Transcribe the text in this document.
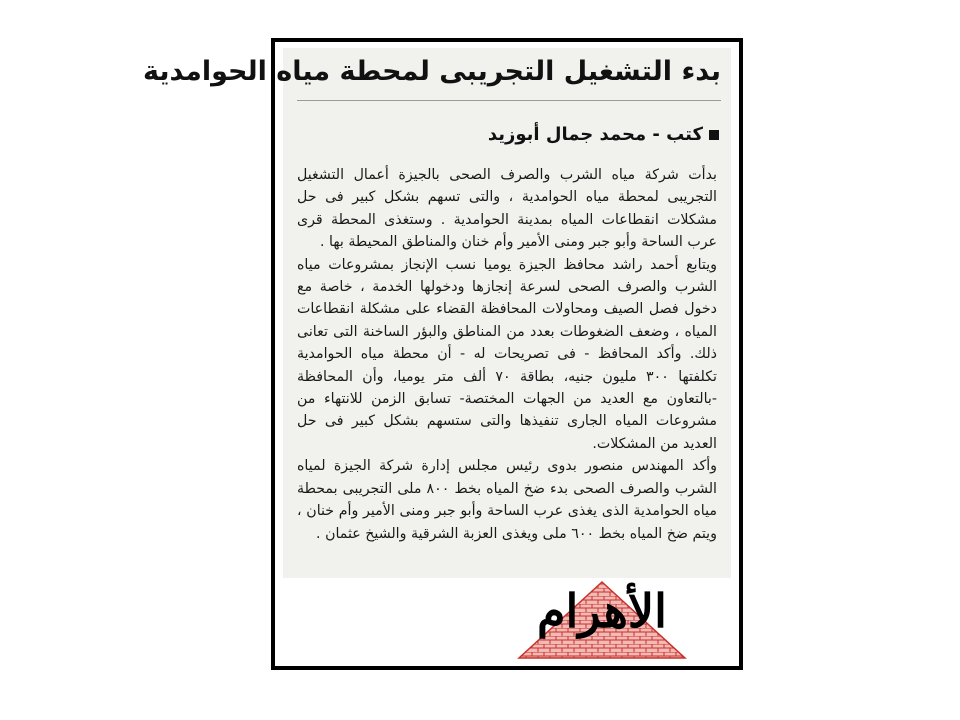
بدء التشغيل التجريبى لمحطة مياه الحوامدية
كتب - محمد جمال أبوزيد

بدأت شركة مياه الشرب والصرف الصحى بالجيزة أعمال التشغيل التجريبى لمحطة مياه الحوامدية ، والتى تسهم بشكل كبير فى حل مشكلات انقطاعات المياه بمدينة الحوامدية . وستغذى المحطة قرى عرب الساحة وأبو جبر ومنى الأمير وأم خنان والمناطق المحيطة بها .

ويتابع أحمد راشد محافظ الجيزة يوميا نسب الإنجاز بمشروعات مياه الشرب والصرف الصحى لسرعة إنجازها ودخولها الخدمة ، خاصة مع دخول فصل الصيف ومحاولات المحافظة القضاء على مشكلة انقطاعات المياه ، وضعف الضغوطات بعدد من المناطق والبؤر الساخنة التى تعانى ذلك. وأكد المحافظ - فى تصريحات له - أن محطة مياه الحوامدية تكلفتها ٣٠٠ مليون جنيه، بطاقة ٧٠ ألف متر يوميا، وأن المحافظة -بالتعاون مع العديد من الجهات المختصة- تسابق الزمن للانتهاء من مشروعات المياه الجارى تنفيذها والتى ستسهم بشكل كبير فى حل العديد من المشكلات.

وأكد المهندس منصور بدوى رئيس مجلس إدارة شركة الجيزة لمياه الشرب والصرف الصحى بدء ضخ المياه بخط ٨٠٠ ملى التجريبى بمحطة مياه الحوامدية الذى يغذى عرب الساحة وأبو جبر ومنى الأمير وأم خنان ، ويتم ضخ المياه بخط ٦٠٠ ملى ويغذى العزبة الشرقية والشيخ عثمان .

الأهرام
